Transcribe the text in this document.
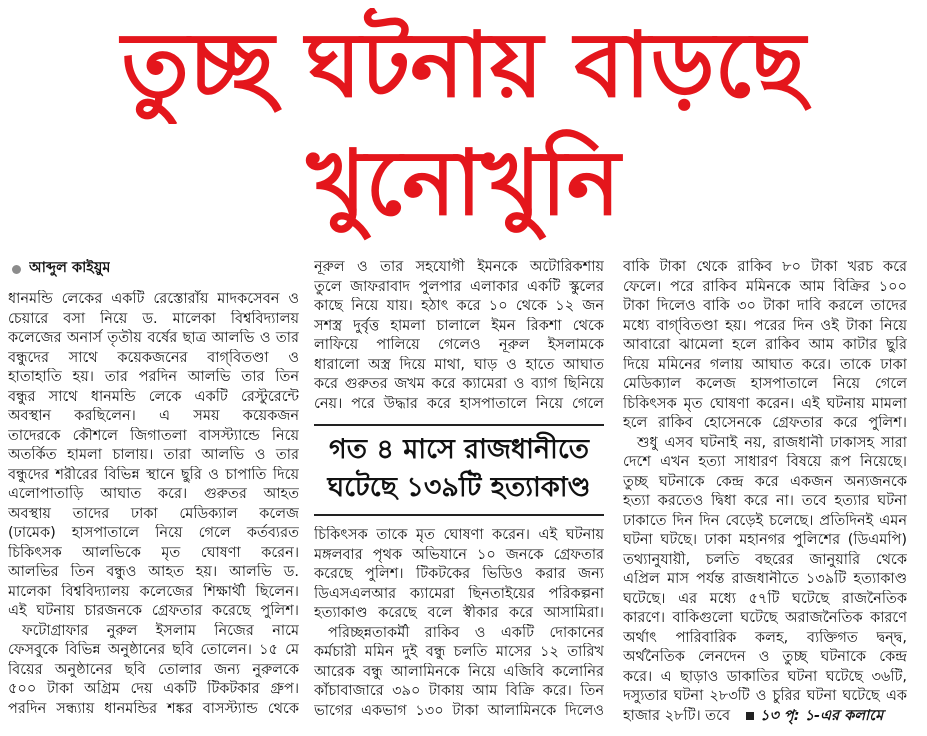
তুচ্ছ ঘটনায় বাড়ছে
খুনোখুনি
আব্দুল কাইয়ুম
ধানমন্ডি লেকের একটি রেস্তোরাঁয় মাদকসেবন ও
চেয়ারে বসা নিয়ে ড. মালেকা বিশ্ববিদ্যালয়
কলেজের অনার্স তৃতীয় বর্ষের ছাত্র আলভি ও তার
বন্ধুদের সাথে কয়েকজনের বাগ্‌বিতণ্ডা ও
হাতাহাতি হয়। তার পরদিন আলভি তার তিন
বন্ধুর সাথে ধানমন্ডি লেকে একটি রেস্টুরেন্টে
অবস্থান করছিলেন। এ সময় কয়েকজন
তাদেরকে কৌশলে জিগাতলা বাসস্ট্যান্ডে নিয়ে
অতর্কিত হামলা চালায়। তারা আলভি ও তার
বন্ধুদের শরীরের বিভিন্ন স্থানে ছুরি ও চাপাতি দিয়ে
এলোপাতাড়ি আঘাত করে। গুরুতর আহত
অবস্থায় তাদের ঢাকা মেডিক্যাল কলেজ
(ঢামেক) হাসপাতালে নিয়ে গেলে কর্তব্যরত
চিকিৎসক আলভিকে মৃত ঘোষণা করেন।
আলভির তিন বন্ধুও আহত হয়। আলভি ড.
মালেকা বিশ্ববিদ্যালয় কলেজের শিক্ষার্থী ছিলেন।
এই ঘটনায় চারজনকে গ্রেফতার করেছে পুলিশ।
ফটোগ্রাফার নুরুল ইসলাম নিজের নামে
ফেসবুকে বিভিন্ন অনুষ্ঠানের ছবি তোলেন। ১৫ মে
বিয়ের অনুষ্ঠানের ছবি তোলার জন্য নুরুলকে
৫০০ টাকা অগ্রিম দেয় একটি টিকটকার গ্রুপ।
পরদিন সন্ধ্যায় ধানমন্ডির শঙ্কর বাসস্ট্যান্ড থেকে
নূরুল ও তার সহযোগী ইমনকে অটোরিকশায়
তুলে জাফরাবাদ পুলপার এলাকার একটি স্কুলের
কাছে নিয়ে যায়। হঠাৎ করে ১০ থেকে ১২ জন
সশস্ত্র দুর্বৃত্ত হামলা চালালে ইমন রিকশা থেকে
লাফিয়ে পালিয়ে গেলেও নূরুল ইসলামকে
ধারালো অস্ত্র দিয়ে মাথা, ঘাড় ও হাতে আঘাত
করে গুরুতর জখম করে ক্যামেরা ও ব্যাগ ছিনিয়ে
নেয়। পরে উদ্ধার করে হাসপাতালে নিয়ে গেলে
গত ৪ মাসে রাজধানীতে
ঘটেছে ১৩৯টি হত্যাকাণ্ড
চিকিৎসক তাকে মৃত ঘোষণা করেন। এই ঘটনায়
মঙ্গলবার পৃথক অভিযানে ১০ জনকে গ্রেফতার
করেছে পুলিশ। টিকটকের ভিডিও করার জন্য
ডিএসএলআর ক্যামেরা ছিনতাইয়ের পরিকল্পনা
হত্যাকাণ্ড করেছে বলে স্বীকার করে আসামিরা।
পরিচ্ছন্নতাকর্মী রাকিব ও একটি দোকানের
কর্মচারী মমিন দুই বন্ধু চলতি মাসের ১২ তারিখ
আরেক বন্ধু আলামিনকে নিয়ে এজিবি কলোনির
কাঁচাবাজারে ৩৯০ টাকায় আম বিক্রি করে। তিন
ভাগের একভাগ ১৩০ টাকা আলামিনকে দিলেও
বাকি টাকা থেকে রাকিব ৮০ টাকা খরচ করে
ফেলে। পরে রাকিব মমিনকে আম বিক্রির ১০০
টাকা দিলেও বাকি ৩০ টাকা দাবি করলে তাদের
মধ্যে বাগ্‌বিতণ্ডা হয়। পরের দিন ওই টাকা নিয়ে
আবারো ঝামেলা হলে রাকিব আম কাটার ছুরি
দিয়ে মমিনের গলায় আঘাত করে। তাকে ঢাকা
মেডিক্যাল কলেজ হাসপাতালে নিয়ে গেলে
চিকিৎসক মৃত ঘোষণা করেন। এই ঘটনায় মামলা
হলে রাকিব হোসেনকে গ্রেফতার করে পুলিশ।
শুধু এসব ঘটনাই নয়, রাজধানী ঢাকাসহ সারা
দেশে এখন হত্যা সাধারণ বিষয়ে রূপ নিয়েছে।
তুচ্ছ ঘটনাকে কেন্দ্র করে একজন অন্যজনকে
হত্যা করতেও দ্বিধা করে না। তবে হত্যার ঘটনা
ঢাকাতে দিন দিন বেড়েই চলেছে। প্রতিদিনই এমন
ঘটনা ঘটছে। ঢাকা মহানগর পুলিশের (ডিএমপি)
তথ্যানুযায়ী, চলতি বছরের জানুয়ারি থেকে
এপ্রিল মাস পর্যন্ত রাজধানীতে ১৩৯টি হত্যাকাণ্ড
ঘটেছে। এর মধ্যে ৫৭টি ঘটেছে রাজনৈতিক
কারণে। বাকিগুলো ঘটেছে অরাজনৈতিক কারণে
অর্থাৎ পারিবারিক কলহ, ব্যক্তিগত দ্বন্দ্ব,
অর্থনৈতিক লেনদেন ও তুচ্ছ ঘটনাকে কেন্দ্র
করে। এ ছাড়াও ডাকাতির ঘটনা ঘটেছে ৩৬টি,
দস্যুতার ঘটনা ২৮৩টি ও চুরির ঘটনা ঘটেছে এক
হাজার ২৮টি। তবে ১৩ পৃ: ১-এর কলামে
